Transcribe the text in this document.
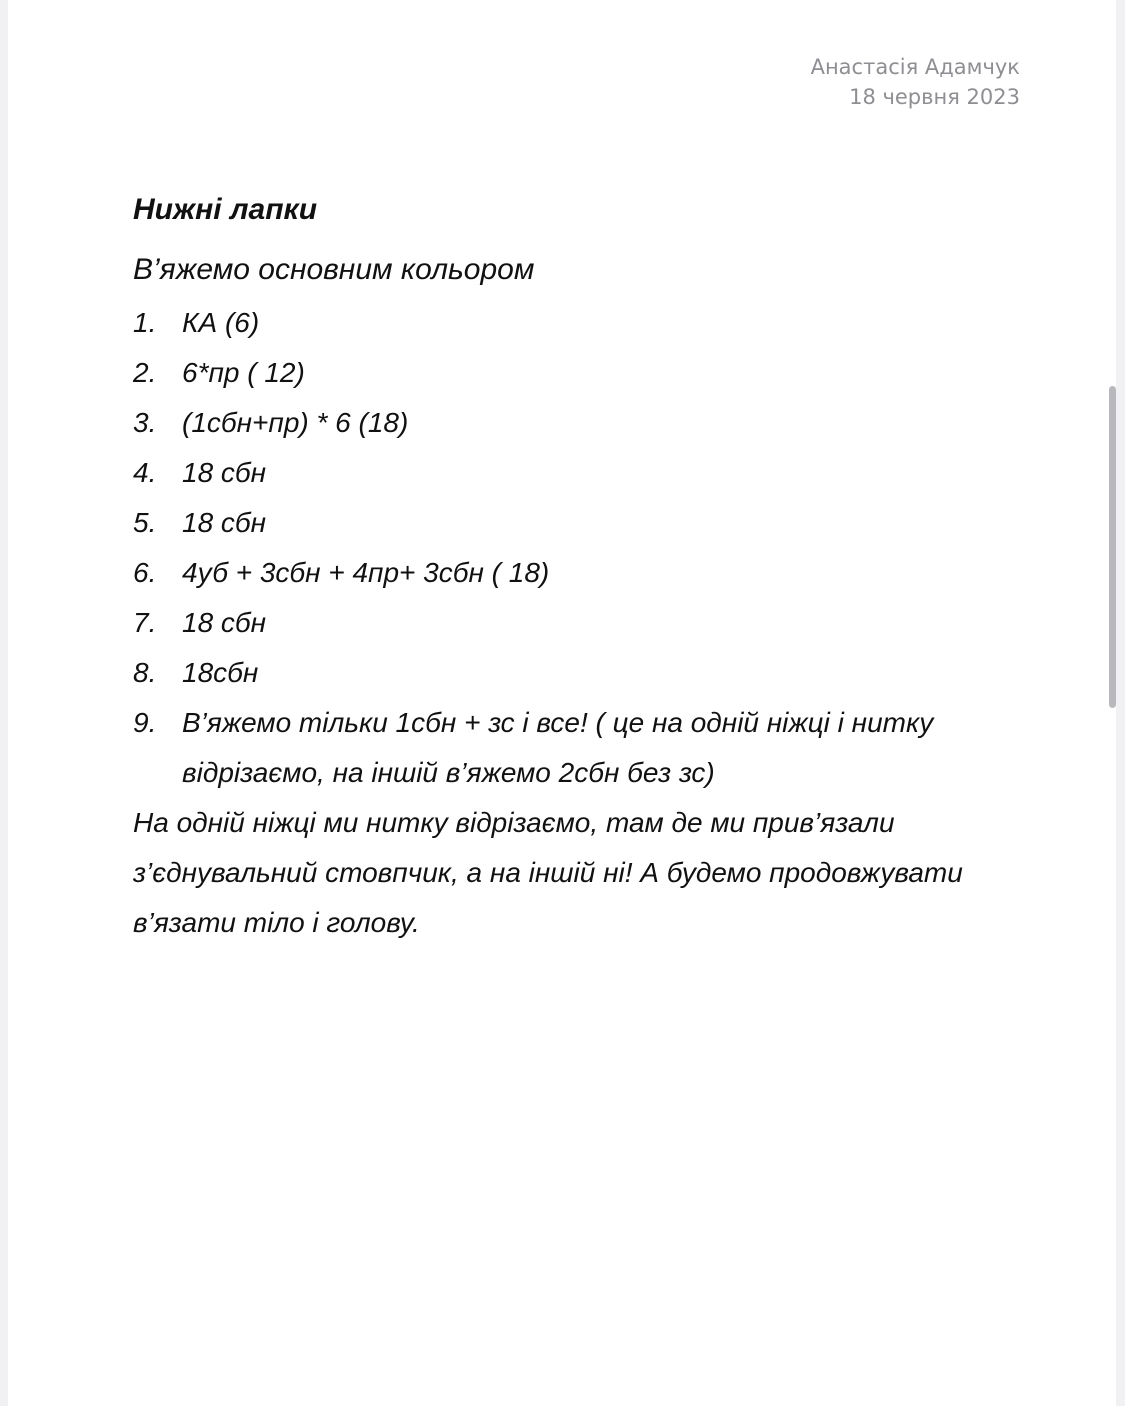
Анастасія Адамчук
18 червня 2023
Нижні лапки

В’яжемо основним кольором

1. КА (6)
2. 6*пр ( 12)
3. (1сбн+пр) * 6 (18)
4. 18 сбн
5. 18 сбн
6. 4уб + 3сбн + 4пр+ 3сбн ( 18)
7. 18 сбн
8. 18сбн
9. В’яжемо тільки 1сбн + зс і все! ( це на одній ніжці і нитку відрізаємо, на іншій в’яжемо 2сбн без зс)

На одній ніжці ми нитку відрізаємо, там де ми прив’язали з’єднувальний стовпчик, а на іншій ні! А будемо продовжувати в’язати тіло і голову.
